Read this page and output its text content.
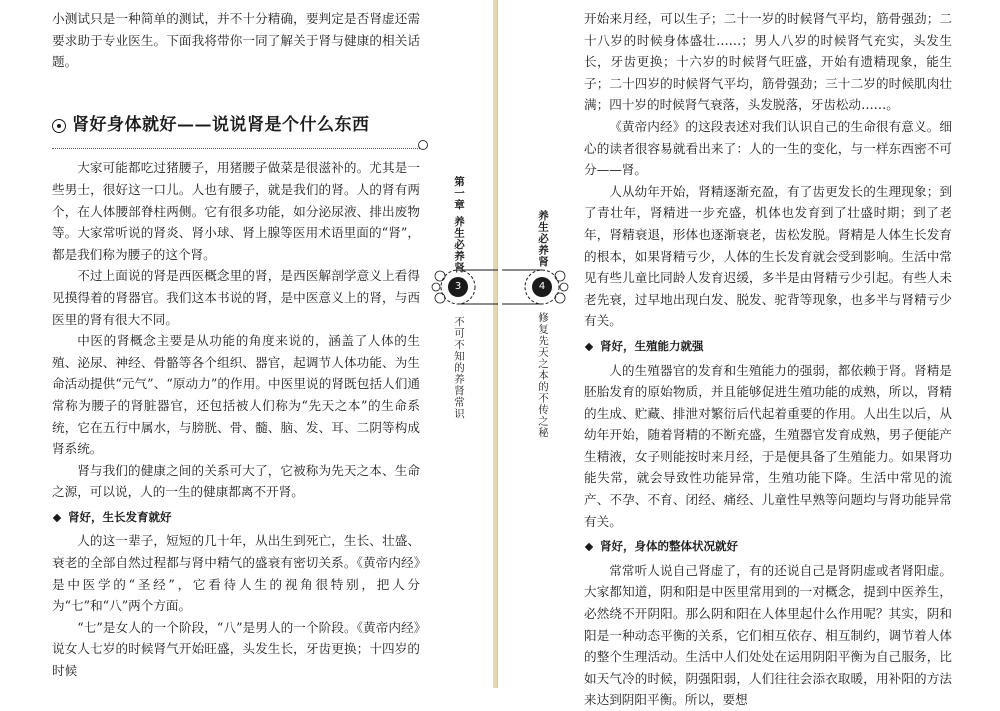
小测试只是一种简单的测试，并不十分精确，要判定是否肾虚还需要求助于专业医生。下面我将带你一同了解关于肾与健康的相关话题。

肾好身体就好——说说肾是个什么东西

大家可能都吃过猪腰子，用猪腰子做菜是很滋补的。尤其是一些男士，很好这一口儿。人也有腰子，就是我们的肾。人的肾有两个，在人体腰部脊柱两侧。它有很多功能，如分泌尿液、排出废物等。大家常听说的肾炎、肾小球、肾上腺等医用术语里面的“肾”，都是我们称为腰子的这个肾。

不过上面说的肾是西医概念里的肾，是西医解剖学意义上看得见摸得着的肾器官。我们这本书说的肾，是中医意义上的肾，与西医里的肾有很大不同。

中医的肾概念主要是从功能的角度来说的，涵盖了人体的生殖、泌尿、神经、骨骼等各个组织、器官，起调节人体功能、为生命活动提供“元气”、“原动力”的作用。中医里说的肾既包括人们通常称为腰子的肾脏器官，还包括被人们称为“先天之本”的生命系统，它在五行中属水，与膀胱、骨、髓、脑、发、耳、二阴等构成肾系统。

肾与我们的健康之间的关系可大了，它被称为先天之本、生命之源，可以说，人的一生的健康都离不开肾。

肾好，生长发育就好

人的这一辈子，短短的几十年，从出生到死亡，生长、壮盛、衰老的全部自然过程都与肾中精气的盛衰有密切关系。《黄帝内经》是中医学的“圣经”，它看待人生的视角很特别，把人分为“七”和“八”两个方面。

“七”是女人的一个阶段，“八”是男人的一个阶段。《黄帝内经》说女人七岁的时候肾气开始旺盛，头发生长，牙齿更换；十四岁的时候

第一章
养生必养肾
不可不知的养肾常识
3
养生必养肾
修复先天之本的不传之秘
4

开始来月经，可以生子；二十一岁的时候肾气平均，筋骨强劲；二十八岁的时候身体盛壮……；男人八岁的时候肾气充实，头发生长，牙齿更换；十六岁的时候肾气旺盛，开始有遗精现象，能生子；二十四岁的时候肾气平均，筋骨强劲；三十二岁的时候肌肉壮满；四十岁的时候肾气衰落，头发脱落，牙齿松动……。

《黄帝内经》的这段表述对我们认识自己的生命很有意义。细心的读者很容易就看出来了：人的一生的变化，与一样东西密不可分——肾。

人从幼年开始，肾精逐渐充盈，有了齿更发长的生理现象；到了青壮年，肾精进一步充盛，机体也发育到了壮盛时期；到了老年，肾精衰退，形体也逐渐衰老，齿松发脱。肾精是人体生长发育的根本，如果肾精亏少，人体的生长发育就会受到影响。生活中常见有些儿童比同龄人发育迟缓，多半是由肾精亏少引起。有些人未老先衰，过早地出现白发、脱发、驼背等现象，也多半与肾精亏少有关。

肾好，生殖能力就强

人的生殖器官的发育和生殖能力的强弱，都依赖于肾。肾精是胚胎发育的原始物质，并且能够促进生殖功能的成熟，所以，肾精的生成、贮藏、排泄对繁衍后代起着重要的作用。人出生以后，从幼年开始，随着肾精的不断充盛，生殖器官发育成熟，男子便能产生精液，女子则能按时来月经，于是便具备了生殖能力。如果肾功能失常，就会导致性功能异常，生殖功能下降。生活中常见的流产、不孕、不育、闭经、痛经、儿童性早熟等问题均与肾功能异常有关。

肾好，身体的整体状况就好

常常听人说自己肾虚了，有的还说自己是肾阴虚或者肾阳虚。大家都知道，阴和阳是中医里常用到的一对概念，提到中医养生，必然绕不开阴阳。那么阴和阳在人体里起什么作用呢？其实，阴和阳是一种动态平衡的关系，它们相互依存、相互制约，调节着人体的整个生理活动。生活中人们处处在运用阴阳平衡为自己服务，比如天气冷的时候，阴强阳弱，人们往往会添衣取暖，用补阳的方法来达到阴阳平衡。所以，要想
